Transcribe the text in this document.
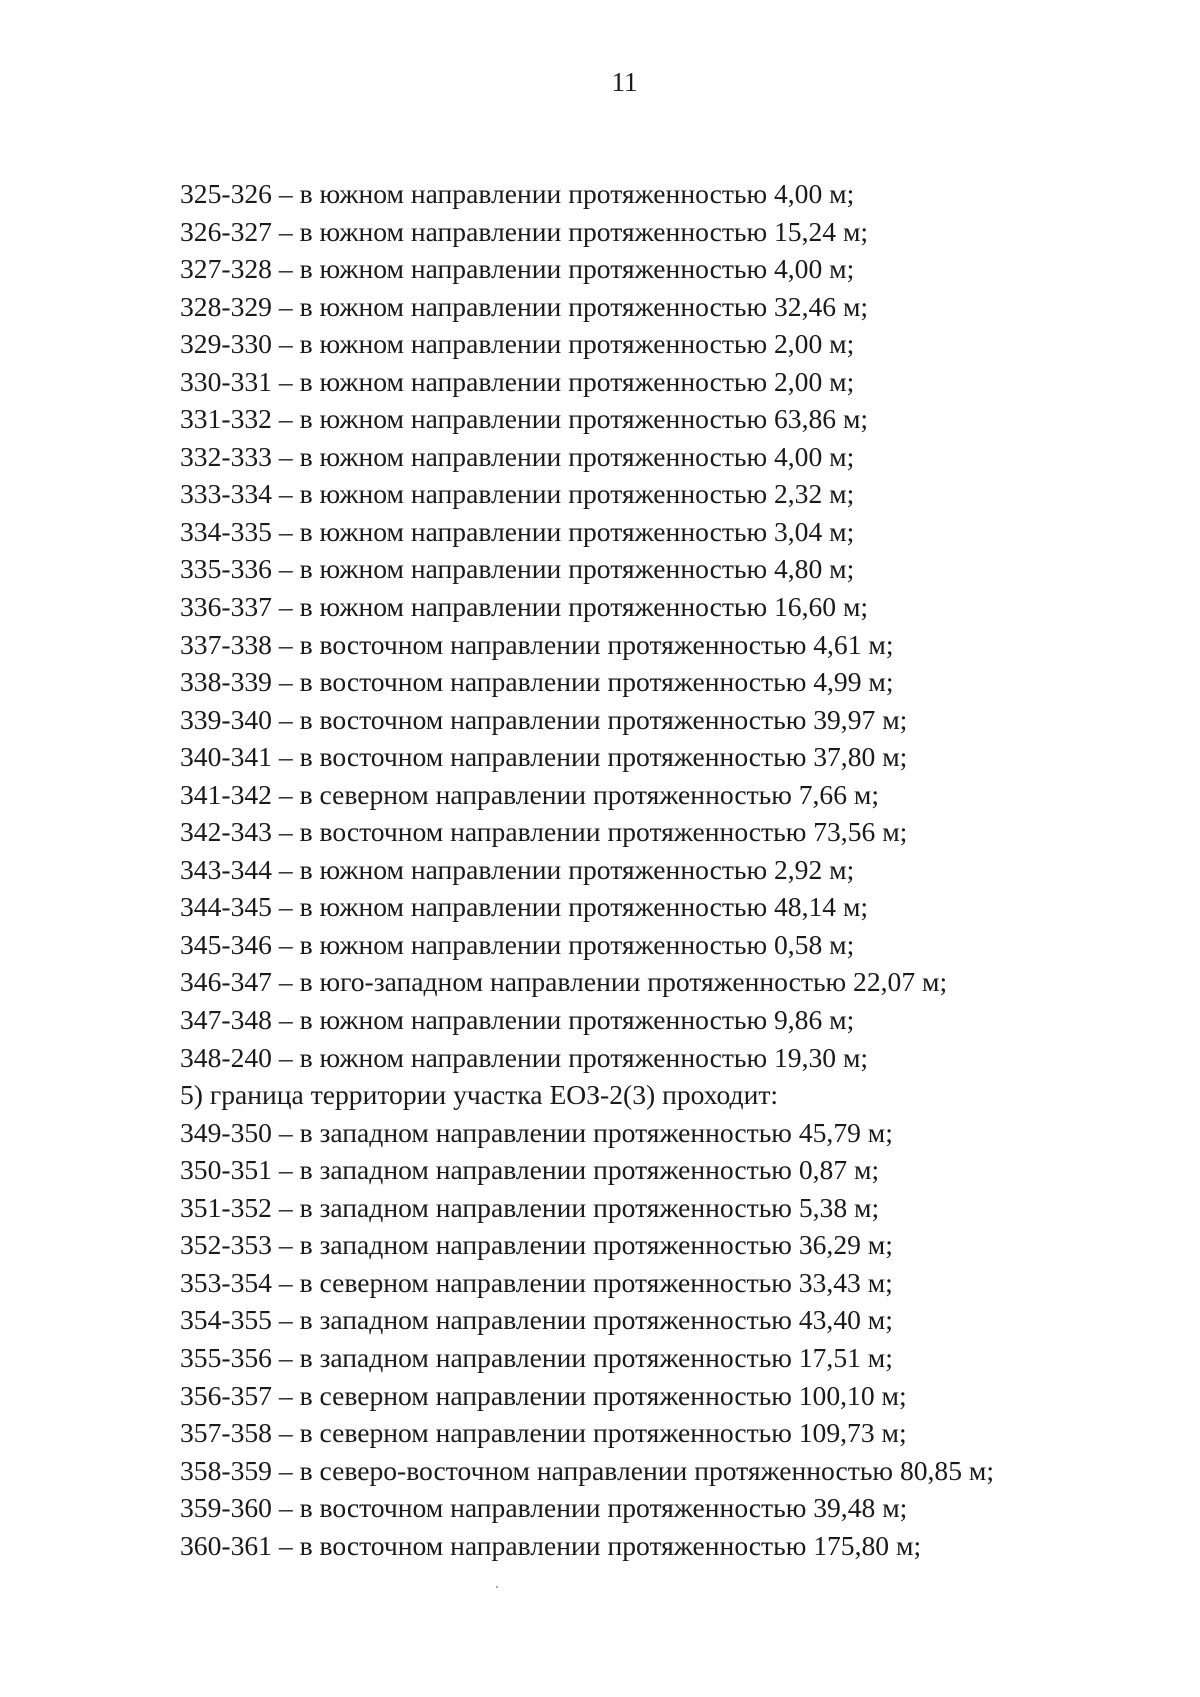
11
325-326 – в южном направлении протяженностью 4,00 м;
326-327 – в южном направлении протяженностью 15,24 м;
327-328 – в южном направлении протяженностью 4,00 м;
328-329 – в южном направлении протяженностью 32,46 м;
329-330 – в южном направлении протяженностью 2,00 м;
330-331 – в южном направлении протяженностью 2,00 м;
331-332 – в южном направлении протяженностью 63,86 м;
332-333 – в южном направлении протяженностью 4,00 м;
333-334 – в южном направлении протяженностью 2,32 м;
334-335 – в южном направлении протяженностью 3,04 м;
335-336 – в южном направлении протяженностью 4,80 м;
336-337 – в южном направлении протяженностью 16,60 м;
337-338 – в восточном направлении протяженностью 4,61 м;
338-339 – в восточном направлении протяженностью 4,99 м;
339-340 – в восточном направлении протяженностью 39,97 м;
340-341 – в восточном направлении протяженностью 37,80 м;
341-342 – в северном направлении протяженностью 7,66 м;
342-343 – в восточном направлении протяженностью 73,56 м;
343-344 – в южном направлении протяженностью 2,92 м;
344-345 – в южном направлении протяженностью 48,14 м;
345-346 – в южном направлении протяженностью 0,58 м;
346-347 – в юго-западном направлении протяженностью 22,07 м;
347-348 – в южном направлении протяженностью 9,86 м;
348-240 – в южном направлении протяженностью 19,30 м;
5) граница территории участка ЕОЗ-2(3) проходит:
349-350 – в западном направлении протяженностью 45,79 м;
350-351 – в западном направлении протяженностью 0,87 м;
351-352 – в западном направлении протяженностью 5,38 м;
352-353 – в западном направлении протяженностью 36,29 м;
353-354 – в северном направлении протяженностью 33,43 м;
354-355 – в западном направлении протяженностью 43,40 м;
355-356 – в западном направлении протяженностью 17,51 м;
356-357 – в северном направлении протяженностью 100,10 м;
357-358 – в северном направлении протяженностью 109,73 м;
358-359 – в северо-восточном направлении протяженностью 80,85 м;
359-360 – в восточном направлении протяженностью 39,48 м;
360-361 – в восточном направлении протяженностью 175,80 м;
